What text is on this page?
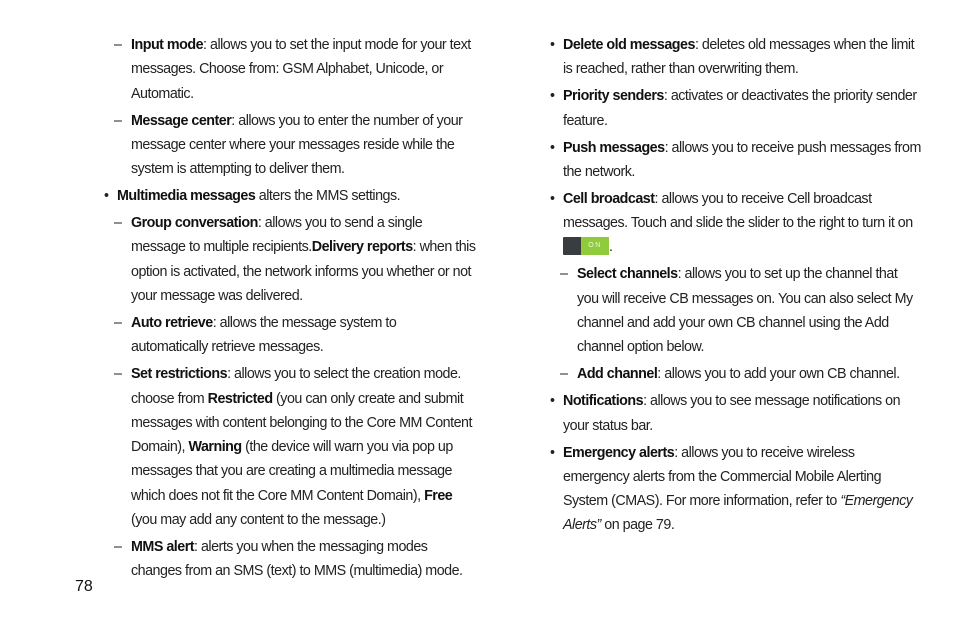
– Input mode: allows you to set the input mode for your text messages. Choose from: GSM Alphabet, Unicode, or Automatic.
– Message center: allows you to enter the number of your message center where your messages reside while the system is attempting to deliver them.
• Multimedia messages alters the MMS settings.
– Group conversation: allows you to send a single message to multiple recipients.Delivery reports: when this option is activated, the network informs you whether or not your message was delivered.
– Auto retrieve: allows the message system to automatically retrieve messages.
– Set restrictions: allows you to select the creation mode. choose from Restricted (you can only create and submit messages with content belonging to the Core MM Content Domain), Warning (the device will warn you via pop up messages that you are creating a multimedia message which does not fit the Core MM Content Domain), Free (you may add any content to the message.)
– MMS alert: alerts you when the messaging modes changes from an SMS (text) to MMS (multimedia) mode.
• Delete old messages: deletes old messages when the limit is reached, rather than overwriting them.
• Priority senders: activates or deactivates the priority sender feature.
• Push messages: allows you to receive push messages from the network.
• Cell broadcast: allows you to receive Cell broadcast messages. Touch and slide the slider to the right to turn it on
ON .
– Select channels: allows you to set up the channel that you will receive CB messages on. You can also select My channel and add your own CB channel using the Add channel option below.
– Add channel: allows you to add your own CB channel.
• Notifications: allows you to see message notifications on your status bar.
• Emergency alerts: allows you to receive wireless emergency alerts from the Commercial Mobile Alerting System (CMAS). For more information, refer to “Emergency Alerts” on page 79.
78
